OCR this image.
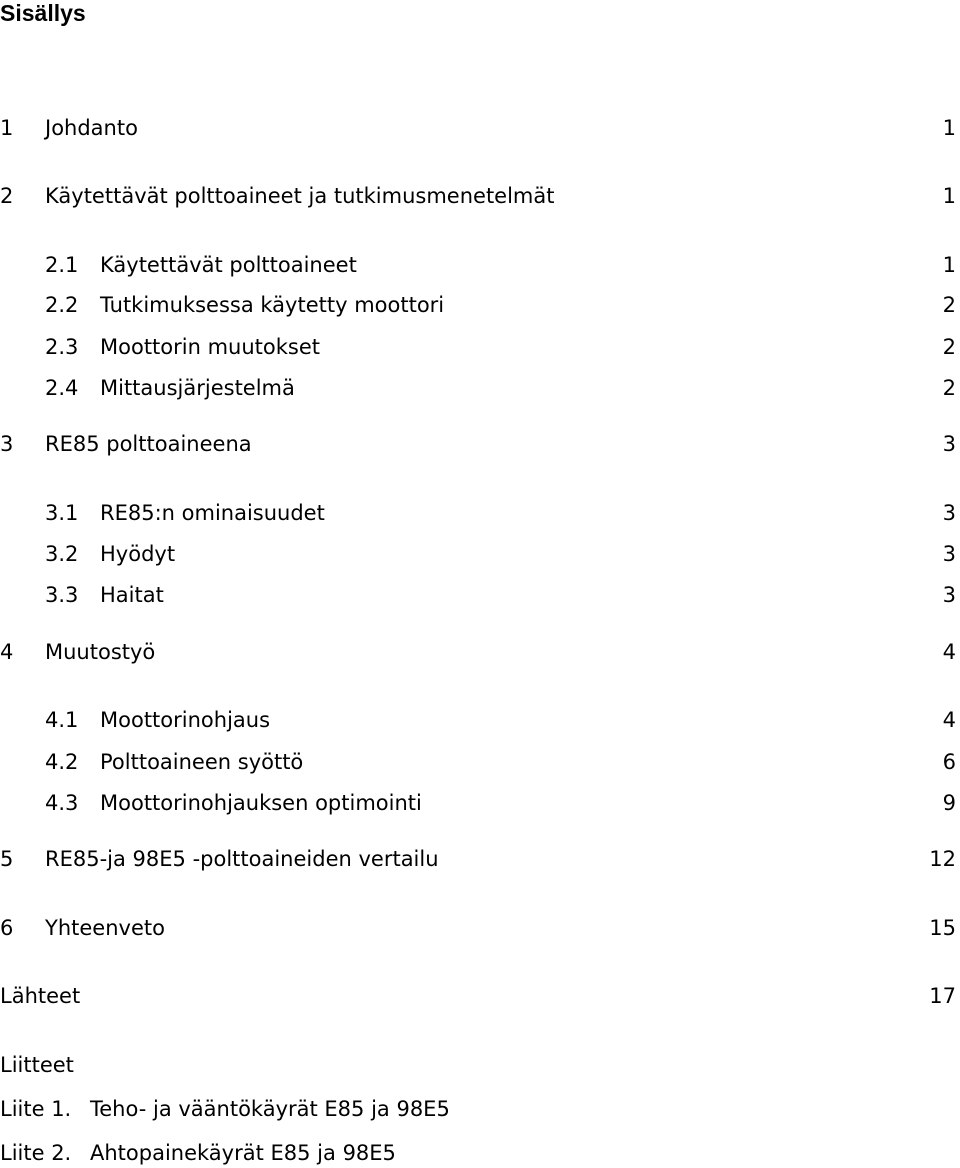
Sisällys
1 Johdanto	1
2 Käytettävät polttoaineet ja tutkimusmenetelmät	1
2.1 Käytettävät polttoaineet	1
2.2 Tutkimuksessa käytetty moottori	2
2.3 Moottorin muutokset	2
2.4 Mittausjärjestelmä	2
3 RE85 polttoaineena	3
3.1 RE85:n ominaisuudet	3
3.2 Hyödyt	3
3.3 Haitat	3
4 Muutostyö	4
4.1 Moottorinohjaus	4
4.2 Polttoaineen syöttö	6
4.3 Moottorinohjauksen optimointi	9
5 RE85-ja 98E5 -polttoaineiden vertailu	12
6 Yhteenveto	15
Lähteet	17
Liitteet
Liite 1. Teho- ja vääntökäyrät E85 ja 98E5
Liite 2. Ahtopainekäyrät E85 ja 98E5
